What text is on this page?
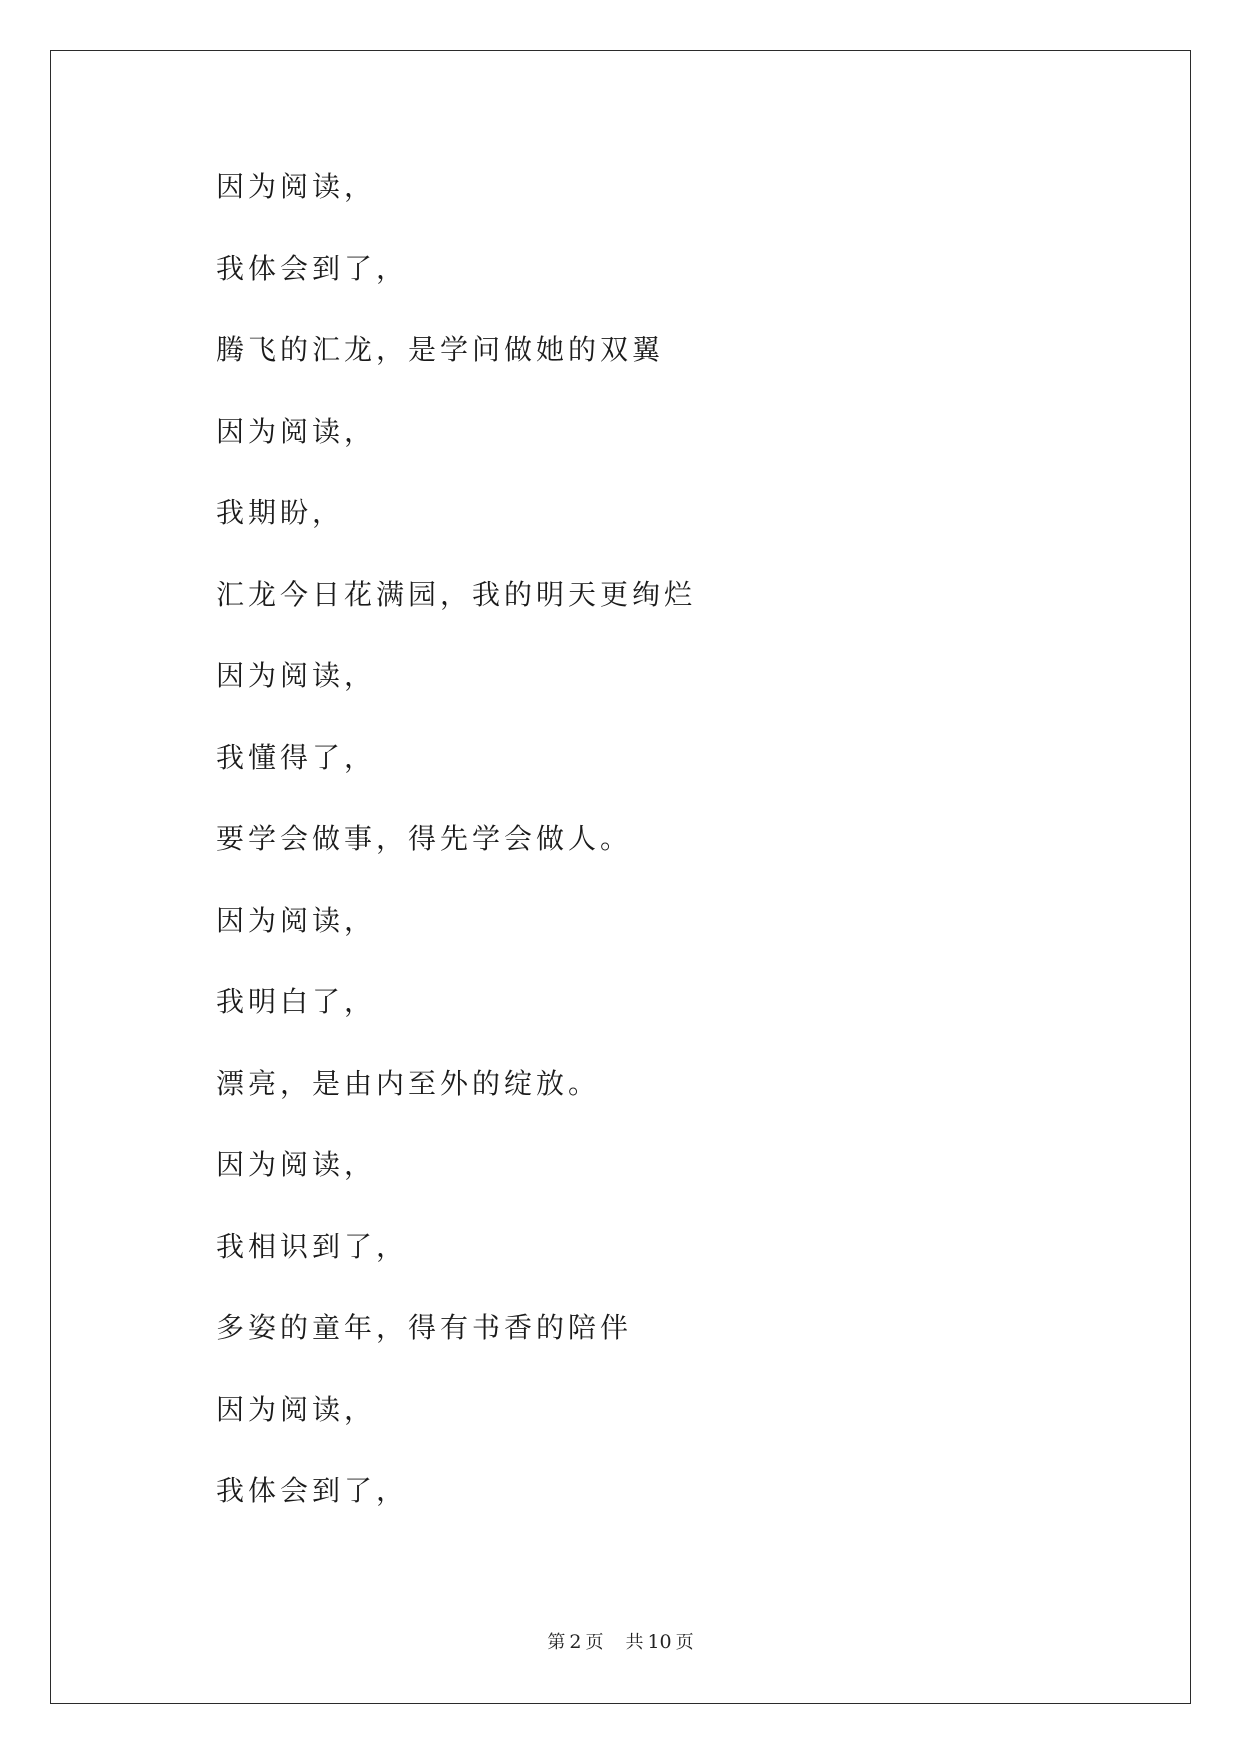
因为阅读，
我体会到了，
腾飞的汇龙，是学问做她的双翼
因为阅读，
我期盼，
汇龙今日花满园，我的明天更绚烂
因为阅读，
我懂得了，
要学会做事，得先学会做人。
因为阅读，
我明白了，
漂亮，是由内至外的绽放。
因为阅读，
我相识到了，
多姿的童年，得有书香的陪伴
因为阅读，
我体会到了，
第 2 页 共 10 页
